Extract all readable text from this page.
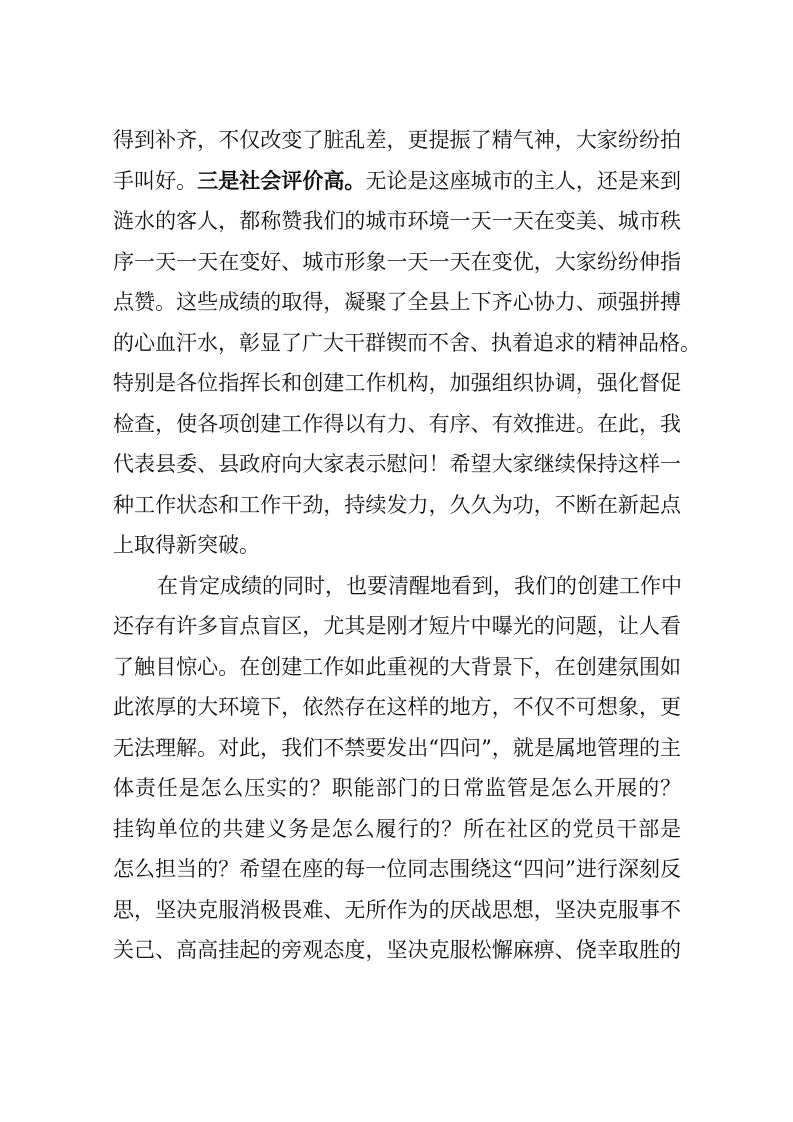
得到补齐，不仅改变了脏乱差，更提振了精气神，大家纷纷拍
手叫好。三是社会评价高。无论是这座城市的主人，还是来到
涟水的客人，都称赞我们的城市环境一天一天在变美、城市秩
序一天一天在变好、城市形象一天一天在变优，大家纷纷伸指
点赞。这些成绩的取得，凝聚了全县上下齐心协力、顽强拼搏
的心血汗水，彰显了广大干群锲而不舍、执着追求的精神品格。
特别是各位指挥长和创建工作机构，加强组织协调，强化督促
检查，使各项创建工作得以有力、有序、有效推进。在此，我
代表县委、县政府向大家表示慰问！希望大家继续保持这样一
种工作状态和工作干劲，持续发力，久久为功，不断在新起点
上取得新突破。
在肯定成绩的同时，也要清醒地看到，我们的创建工作中
还存有许多盲点盲区，尤其是刚才短片中曝光的问题，让人看
了触目惊心。在创建工作如此重视的大背景下，在创建氛围如
此浓厚的大环境下，依然存在这样的地方，不仅不可想象，更
无法理解。对此，我们不禁要发出“四问”，就是属地管理的主
体责任是怎么压实的？职能部门的日常监管是怎么开展的？
挂钩单位的共建义务是怎么履行的？所在社区的党员干部是
怎么担当的？希望在座的每一位同志围绕这“四问”进行深刻反
思，坚决克服消极畏难、无所作为的厌战思想，坚决克服事不
关己、高高挂起的旁观态度，坚决克服松懈麻痹、侥幸取胜的
